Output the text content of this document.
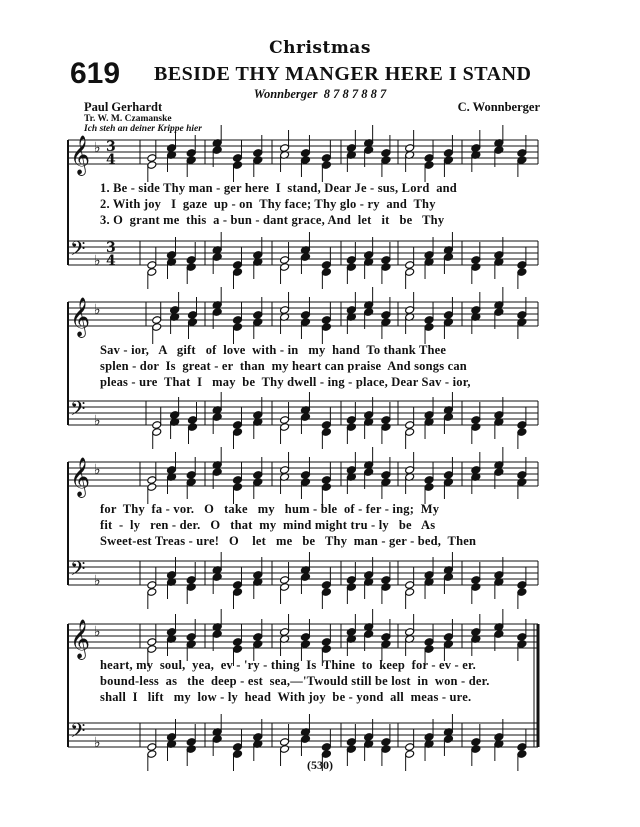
Christmas
619 BESIDE THY MANGER HERE I STAND
Wonnberger 8 7 8 7 8 8 7
Paul Gerhardt	C. Wonnberger
Tr. W. M. Czamanske
Ich steh an deiner Krippe hier
𝄞 ♭ 3
4
𝄢 ♭
3
4
𝄞 ♭
𝄢 ♭
𝄞 ♭
𝄢 ♭
𝄞 ♭
𝄢 ♭
1. Be - side Thy man - ger here  I  stand, Dear Je - sus, Lord  and
2. With joy   I  gaze  up - on  Thy face; Thy glo - ry  and  Thy
3. O  grant me  this  a - bun - dant grace, And  let   it   be   Thy
Sav - ior,   A   gift   of  love  with - in   my  hand  To thank Thee
splen - dor  Is  great - er  than  my heart can praise  And songs can
pleas - ure  That  I   may  be  Thy dwell - ing - place, Dear Sav - ior,
for  Thy  fa - vor.   O   take   my   hum - ble  of - fer - ing;  My
fit  -  ly   ren - der.   O   that  my  mind might tru - ly   be   As
Sweet-est Treas - ure!   O    let   me   be   Thy  man - ger - bed,  Then
heart, my  soul,  yea,  ev - 'ry - thing  Is  Thine  to  keep  for - ev - er.
bound-less  as   the  deep - est  sea,—'Twould still be lost  in  won - der.
shall  I   lift   my  low - ly  head  With joy  be - yond  all  meas - ure.
(530)
